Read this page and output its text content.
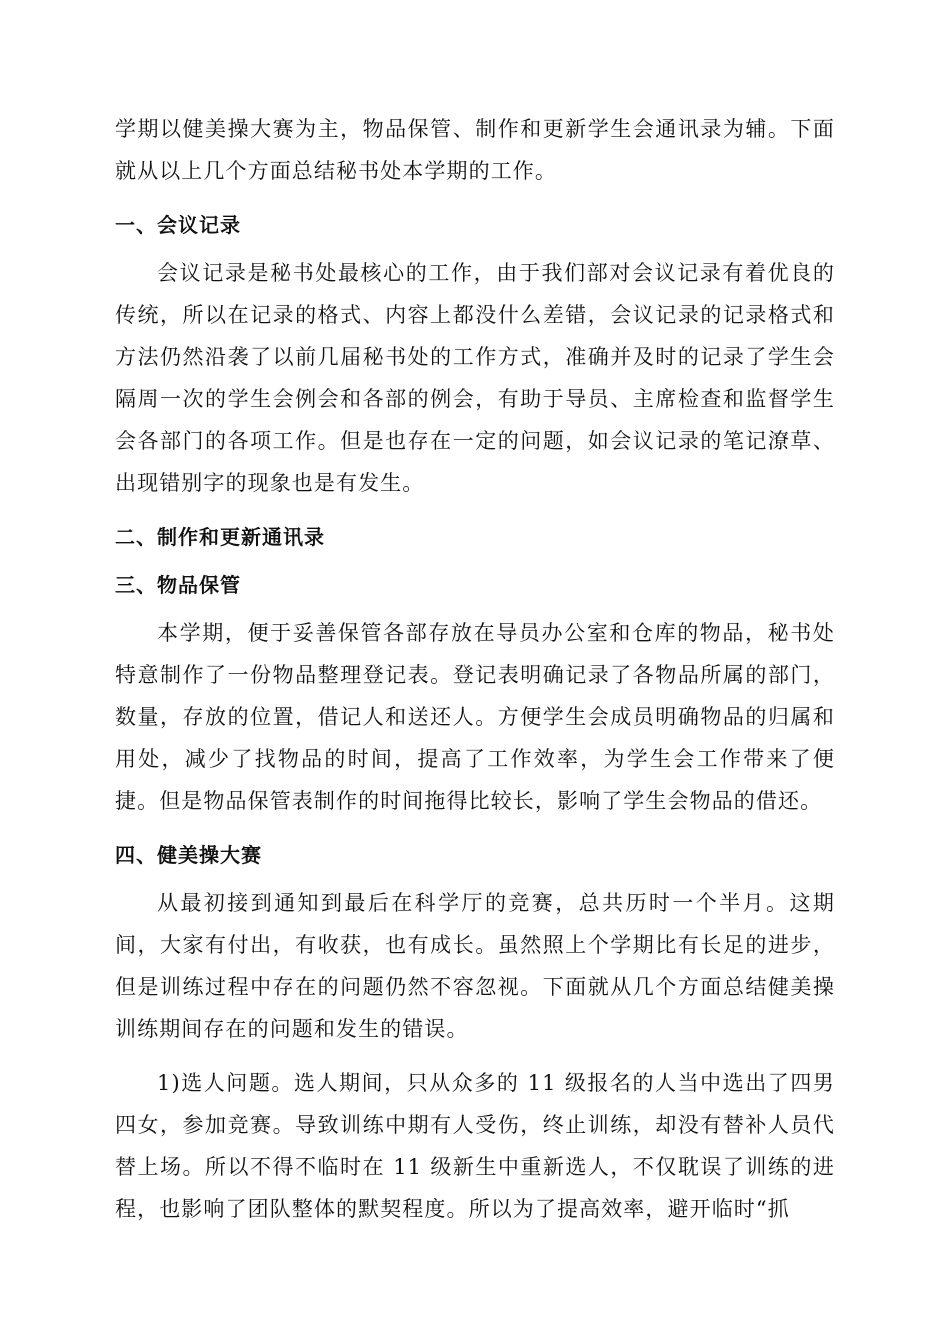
学期以健美操大赛为主，物品保管、制作和更新学生会通讯录为辅。下面就从以上几个方面总结秘书处本学期的工作。

一、会议记录

会议记录是秘书处最核心的工作，由于我们部对会议记录有着优良的传统，所以在记录的格式、内容上都没什么差错，会议记录的记录格式和方法仍然沿袭了以前几届秘书处的工作方式，准确并及时的记录了学生会隔周一次的学生会例会和各部的例会，有助于导员、主席检查和监督学生会各部门的各项工作。但是也存在一定的问题，如会议记录的笔记潦草、出现错别字的现象也是有发生。

二、制作和更新通讯录
三、物品保管

本学期，便于妥善保管各部存放在导员办公室和仓库的物品，秘书处特意制作了一份物品整理登记表。登记表明确记录了各物品所属的部门，数量，存放的位置，借记人和送还人。方便学生会成员明确物品的归属和用处，减少了找物品的时间，提高了工作效率，为学生会工作带来了便捷。但是物品保管表制作的时间拖得比较长，影响了学生会物品的借还。

四、健美操大赛

从最初接到通知到最后在科学厅的竞赛，总共历时一个半月。这期间，大家有付出，有收获，也有成长。虽然照上个学期比有长足的进步，但是训练过程中存在的问题仍然不容忽视。下面就从几个方面总结健美操训练期间存在的问题和发生的错误。

1)选人问题。选人期间，只从众多的 11 级报名的人当中选出了四男四女，参加竞赛。导致训练中期有人受伤，终止训练，却没有替补人员代替上场。所以不得不临时在 11 级新生中重新选人，不仅耽误了训练的进程，也影响了团队整体的默契程度。所以为了提高效率，避开临时“抓
